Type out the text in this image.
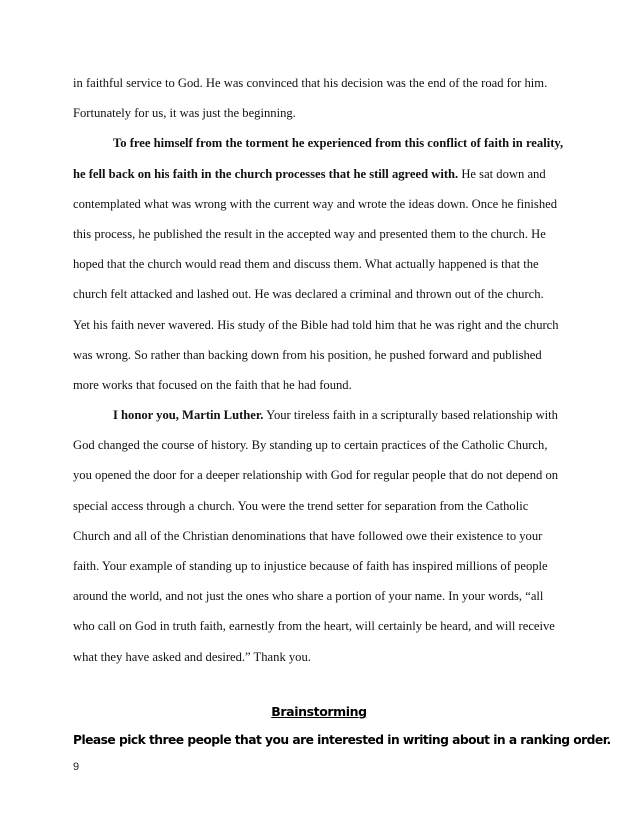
in faithful service to God. He was convinced that his decision was the end of the road for him.
Fortunately for us, it was just the beginning.
To free himself from the torment he experienced from this conflict of faith in reality,
he fell back on his faith in the church processes that he still agreed with. He sat down and
contemplated what was wrong with the current way and wrote the ideas down. Once he finished
this process, he published the result in the accepted way and presented them to the church. He
hoped that the church would read them and discuss them. What actually happened is that the
church felt attacked and lashed out. He was declared a criminal and thrown out of the church.
Yet his faith never wavered. His study of the Bible had told him that he was right and the church
was wrong. So rather than backing down from his position, he pushed forward and published
more works that focused on the faith that he had found.
I honor you, Martin Luther. Your tireless faith in a scripturally based relationship with
God changed the course of history. By standing up to certain practices of the Catholic Church,
you opened the door for a deeper relationship with God for regular people that do not depend on
special access through a church. You were the trend setter for separation from the Catholic
Church and all of the Christian denominations that have followed owe their existence to your
faith. Your example of standing up to injustice because of faith has inspired millions of people
around the world, and not just the ones who share a portion of your name. In your words, “all
who call on God in truth faith, earnestly from the heart, will certainly be heard, and will receive
what they have asked and desired.” Thank you.
Brainstorming
Please pick three people that you are interested in writing about in a ranking order.
9
